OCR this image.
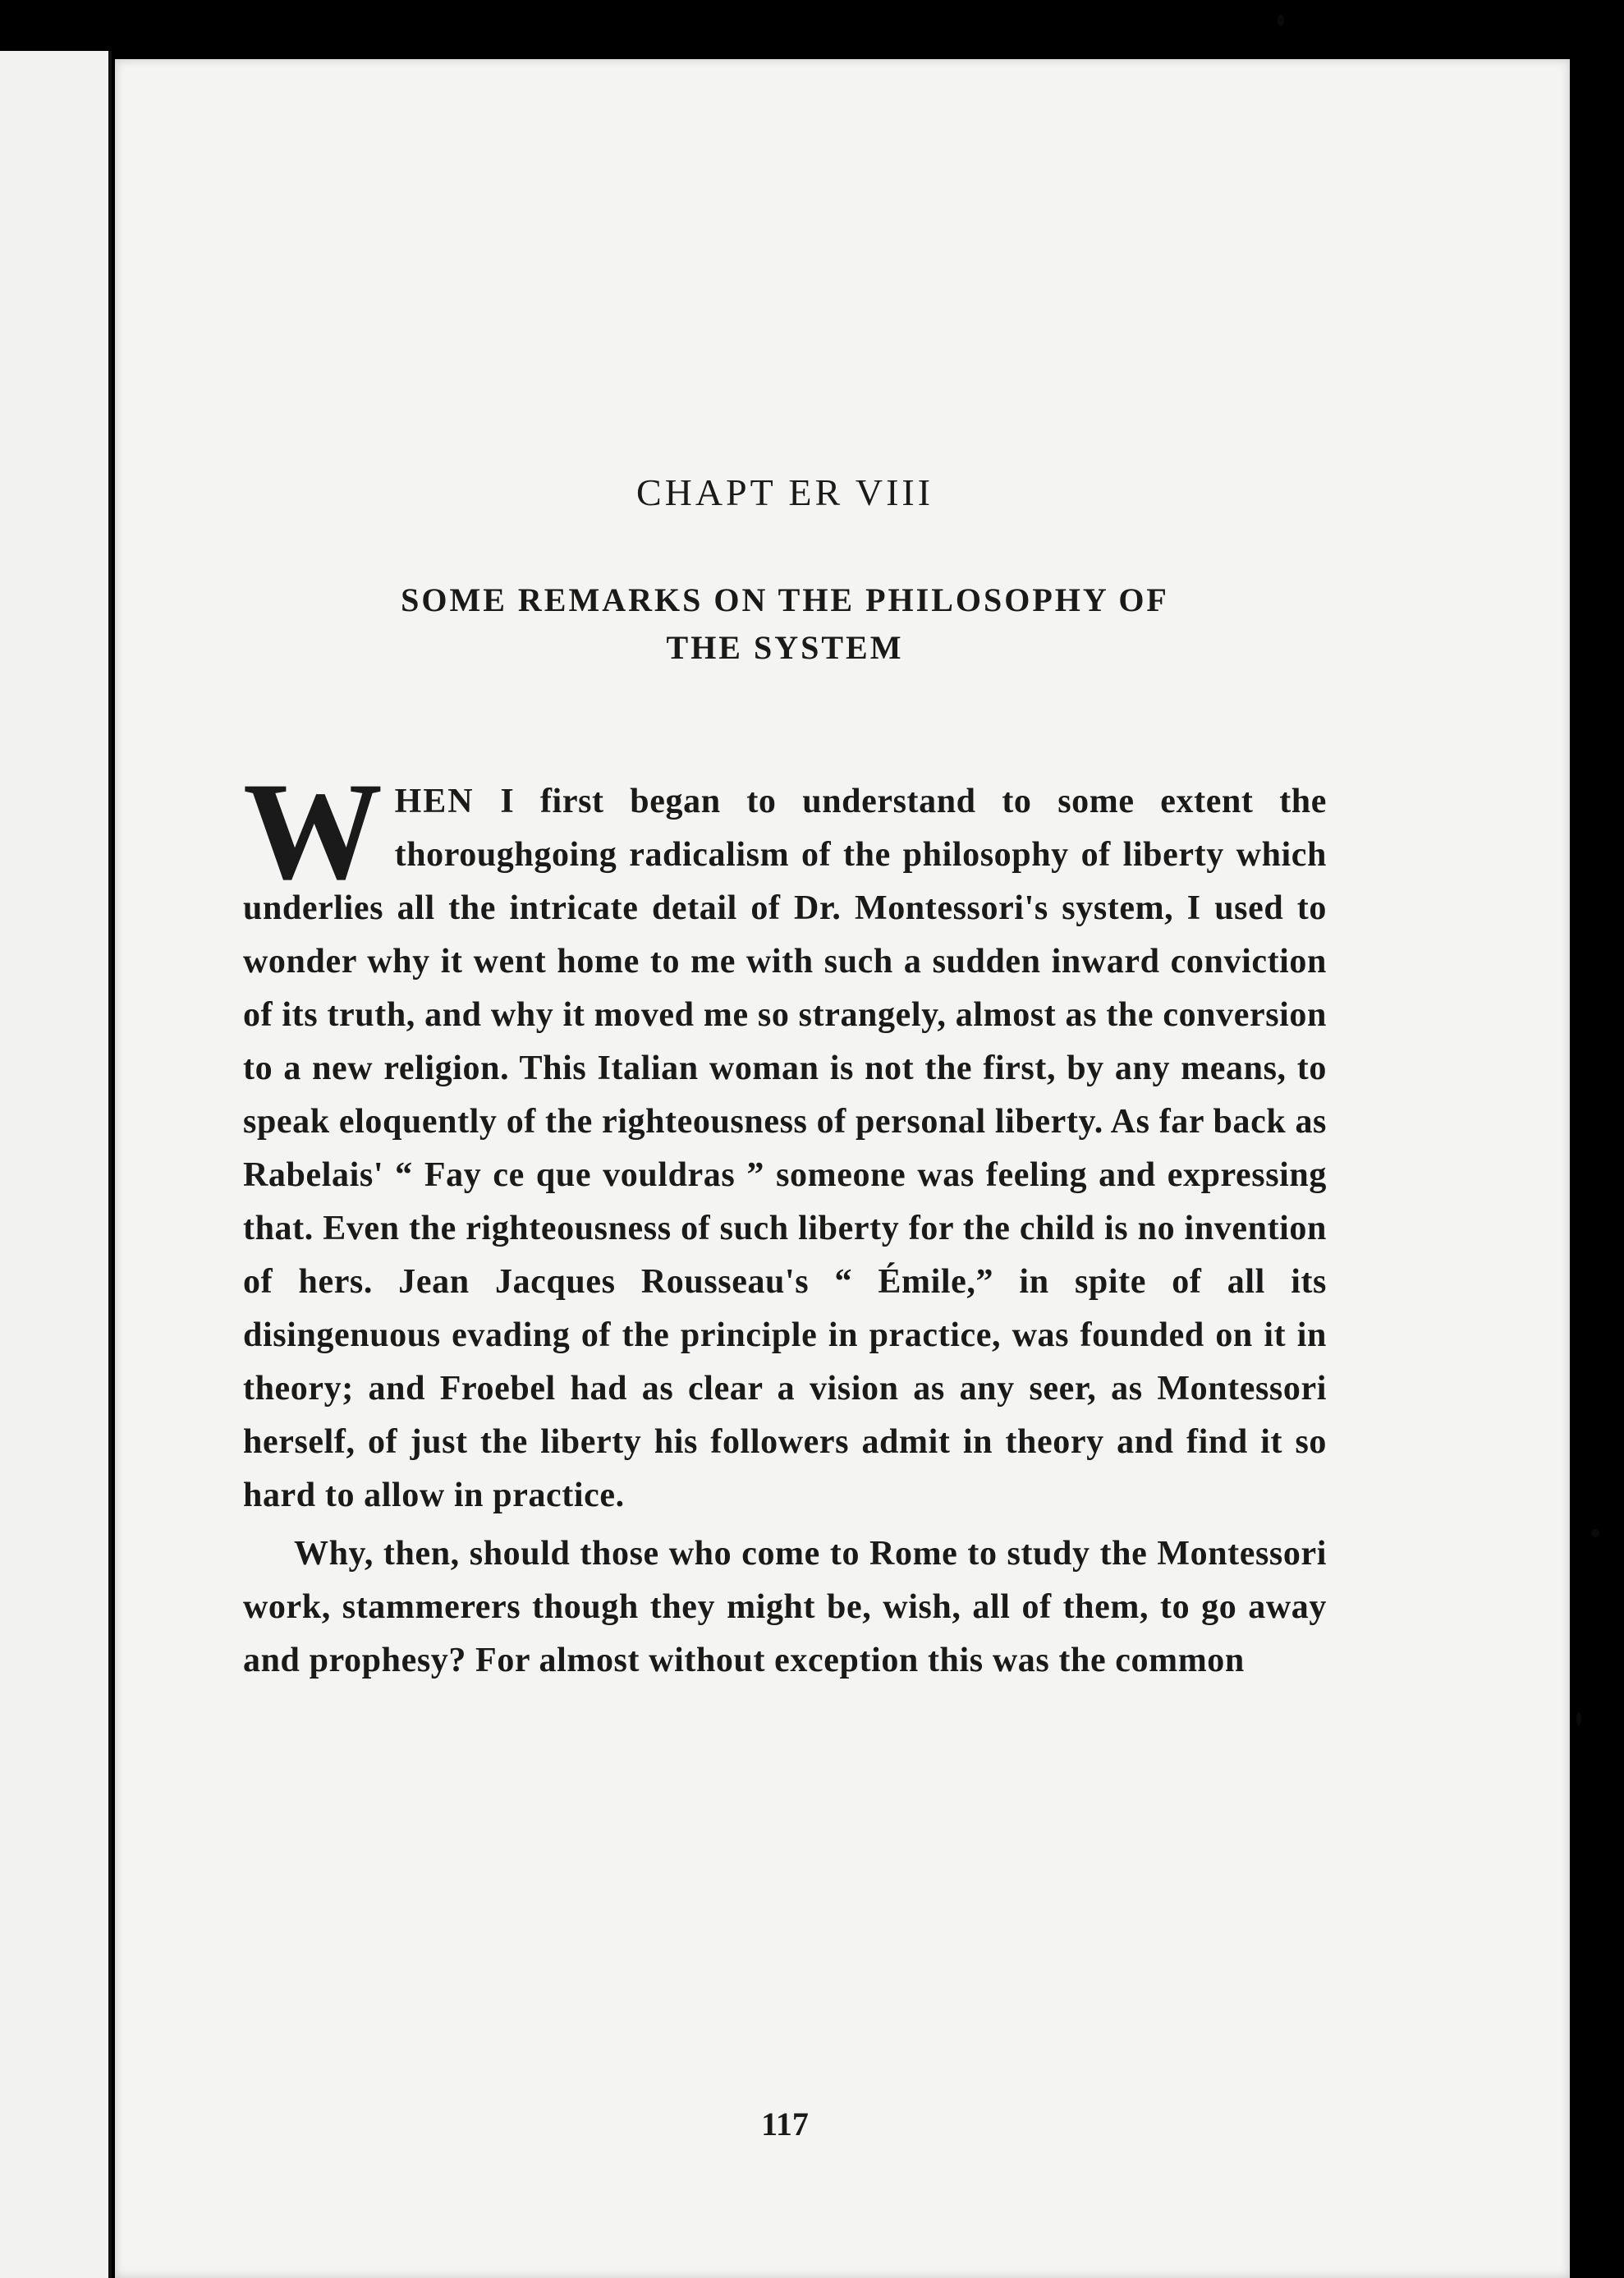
CHAPT ER VIII
SOME REMARKS ON THE PHILOSOPHY OF
THE SYSTEM

W HEN I first began to understand to some extent the thoroughgoing radicalism of the philosophy of liberty which underlies all the intricate detail of Dr. Montessori's system, I used to wonder why it went home to me with such a sudden inward conviction of its truth, and why it moved me so strangely, almost as the conversion to a new religion. This Italian woman is not the first, by any means, to speak eloquently of the righteousness of personal liberty. As far back as Rabelais' “ Fay ce que vouldras ” someone was feeling and expressing that. Even the righteousness of such liberty for the child is no invention of hers. Jean Jacques Rousseau's “ Émile,” in spite of all its disingenuous evading of the principle in practice, was founded on it in theory; and Froebel had as clear a vision as any seer, as Montessori herself, of just the liberty his followers admit in theory and find it so hard to allow in practice.

Why, then, should those who come to Rome to study the Montessori work, stammerers though they might be, wish, all of them, to go away and prophesy? For almost without exception this was the common

117
